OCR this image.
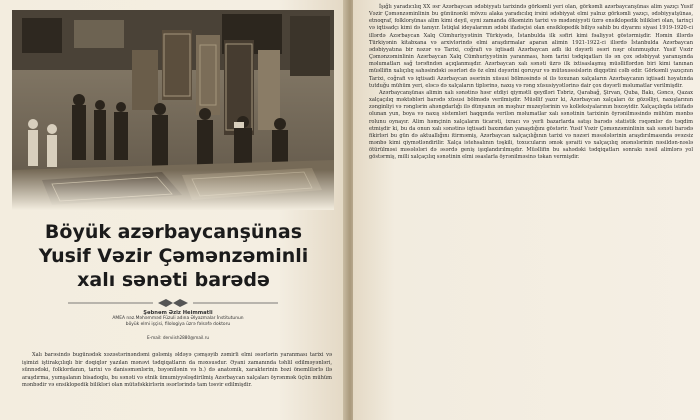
Böyük azərbaycanşünas
Yusif Vəzir Çəmənzəminli
xalı sənəti barədə
Şəbnəm Əziz Heimmatli
AMEA nəz.Məhəmməd Füzuli adına Əlyazmalar İnstitutunun
böyük elmi işçisi, filologiya üzrə fəlsəfə doktoru
E-mail: derviish2880@mail.ru

Xalı barəsində bugünədək xəzəstərinəndəmi gələmiş əldəyə çəmşəyib zəmirli elmi əsərlərin yaranması tarixi və işimizi iştirakçılıqlı bir dəqiqlər yazılan mənəvi tədqiqatların da məxsusdur. Əyani zamanında təhlil edilməyənləri, sünnədəki, folklordanın, tarixi və danisəmənlərin, bəyənilənin və b.) də anatomik, xarakterinin bəzi önemlilərlə ilə araşdırma, yumşalanın bisadoqlu, bu sənəti və etnik ümumiyyələşdirilmiş Azərbaycan xalçaları öyrənmək üçün mühüm mənbədir və ensiklopedik bilikləri olan mütəfəkkirlərin əsərlərində tam təsvir edilmişdir.

İşığlı yaradıcılıq XX əsr Azərbaycan ədəbiyyatı tarixində görkəmli yeri olan, görkəmli azərbaycanşünas alim yazıçı Yusif Vəzir Çəmənzəminlinin bu gününənki mövzu alaka yaradıcılıq irsini ədəbiyyat elmi yalnız görkəmli yazıçı, ədəbiyyatşünas, etnoqraf, folklorşünas alim kimi deyil, eyni zamanda ölkəmizin tarixi və mədəniyyəti üzrə ensiklopedik bilikləri olan, tarixçi və iqtisadçı kimi də tanıyır. İstiqlal ideyalarının ədəbi ifadəçisi olan ensiklopedik biliyə sahib bu diyarını siyasi 1919-1920-ci illərdə Azərbaycan Xalq Cümhuriyyətinin Türkiyədə, İstanbulda ilk səfiri kimi fəaliyyət göstərmişdir. Həmin illərdə Türkiyənin kitabxana və arxivlərində elmi araşdırmalar aparan alimin 1921-1922-ci illərdə İstanbulda Azərbaycan ədəbiyyatına bir nəzər və Tarixi, coğrafi və iqtisadi Azərbaycan adlı iki dəyərli əsəri nəşr olunmuşdur. Yusif Vəzir Çəmənzəminlinin Azərbaycan Xalq Cümhuriyyətinin yaranması, həm tarixi tədqiqatları ilə ən çox ədəbiyyat yaranışında məlumatları sağ tərəfindən açıqlanmışdır. Azərbaycan xalı sənəti üzrə ilk ixtisaslaşmış müəlliflərdən biri kimi tanınan müəllifin xalıçılıq sahəsindəki əsərləri də öz elmi dəyərini qoruyur və mütəxəssislərin diqqətini cəlb edir. Görkəmli yazıçının Tarixi, coğrafi və iqtisadi Azərbaycan əsərinin xüsusi bölməsində əl ilə toxunan xalçaların Azərbaycanın iqtisadi həyatında tutduğu mühüm yeri, eləcə də xalçaların tiplərinə, naxış və rəng xüsusiyyətlərinə dair çox dəyərli məlumatlar verilmişdir.

Azərbaycanşünas alimin xalı sənətinə həsr etdiyi qiymətli qeydləri Təbriz, Qarabağ, Şirvan, Quba, Bakı, Gəncə, Qazax xalçaçılıq məktəbləri barədə xüsusi bölmədə verilmişdir. Müəllif yazır ki, Azərbaycan xalçaları öz gözəlliyi, naxışlarının zənginliyi və rənglərin ahəngdarlığı ilə dünyanın ən məşhur muzeylərinin və kolleksiyalarının bəzəyidir. Xalçaçılıqda istifadə olunan yun, boya və naxış sistemləri haqqında verilən məlumatlar xalı sənətinin tarixinin öyrənilməsində mühüm mənbə rolunu oynayır. Alim həmçinin xalçaların ticarəti, ixracı və yerli bazarlarda satışı barədə statistik rəqəmlər də təqdim etmişdir ki, bu da onun xalı sənətinə iqtisadi baxımdan yanaşdığını göstərir. Yusif Vəzir Çəmənzəminlinin xalı sənəti barədə fikirləri bu gün də aktuallığını itirməmiş, Azərbaycan xalçaçılığının tarixi və nəzəri məsələlərinin araşdırılmasında əvəzsiz mənbə kimi qiymətləndirilir. Xalça istehsalının təşkili, toxucuların əmək şəraiti və xalçaçılıq ənənələrinin nəsildən-nəslə ötürülməsi məsələləri də əsərdə geniş işıqlandırılmışdır. Müəllifin bu sahədəki tədqiqatları sonrakı nəsil alimlərə yol göstərmiş, milli xalçaçılıq sənətinin elmi əsaslarla öyrənilməsinə təkan vermişdir.
